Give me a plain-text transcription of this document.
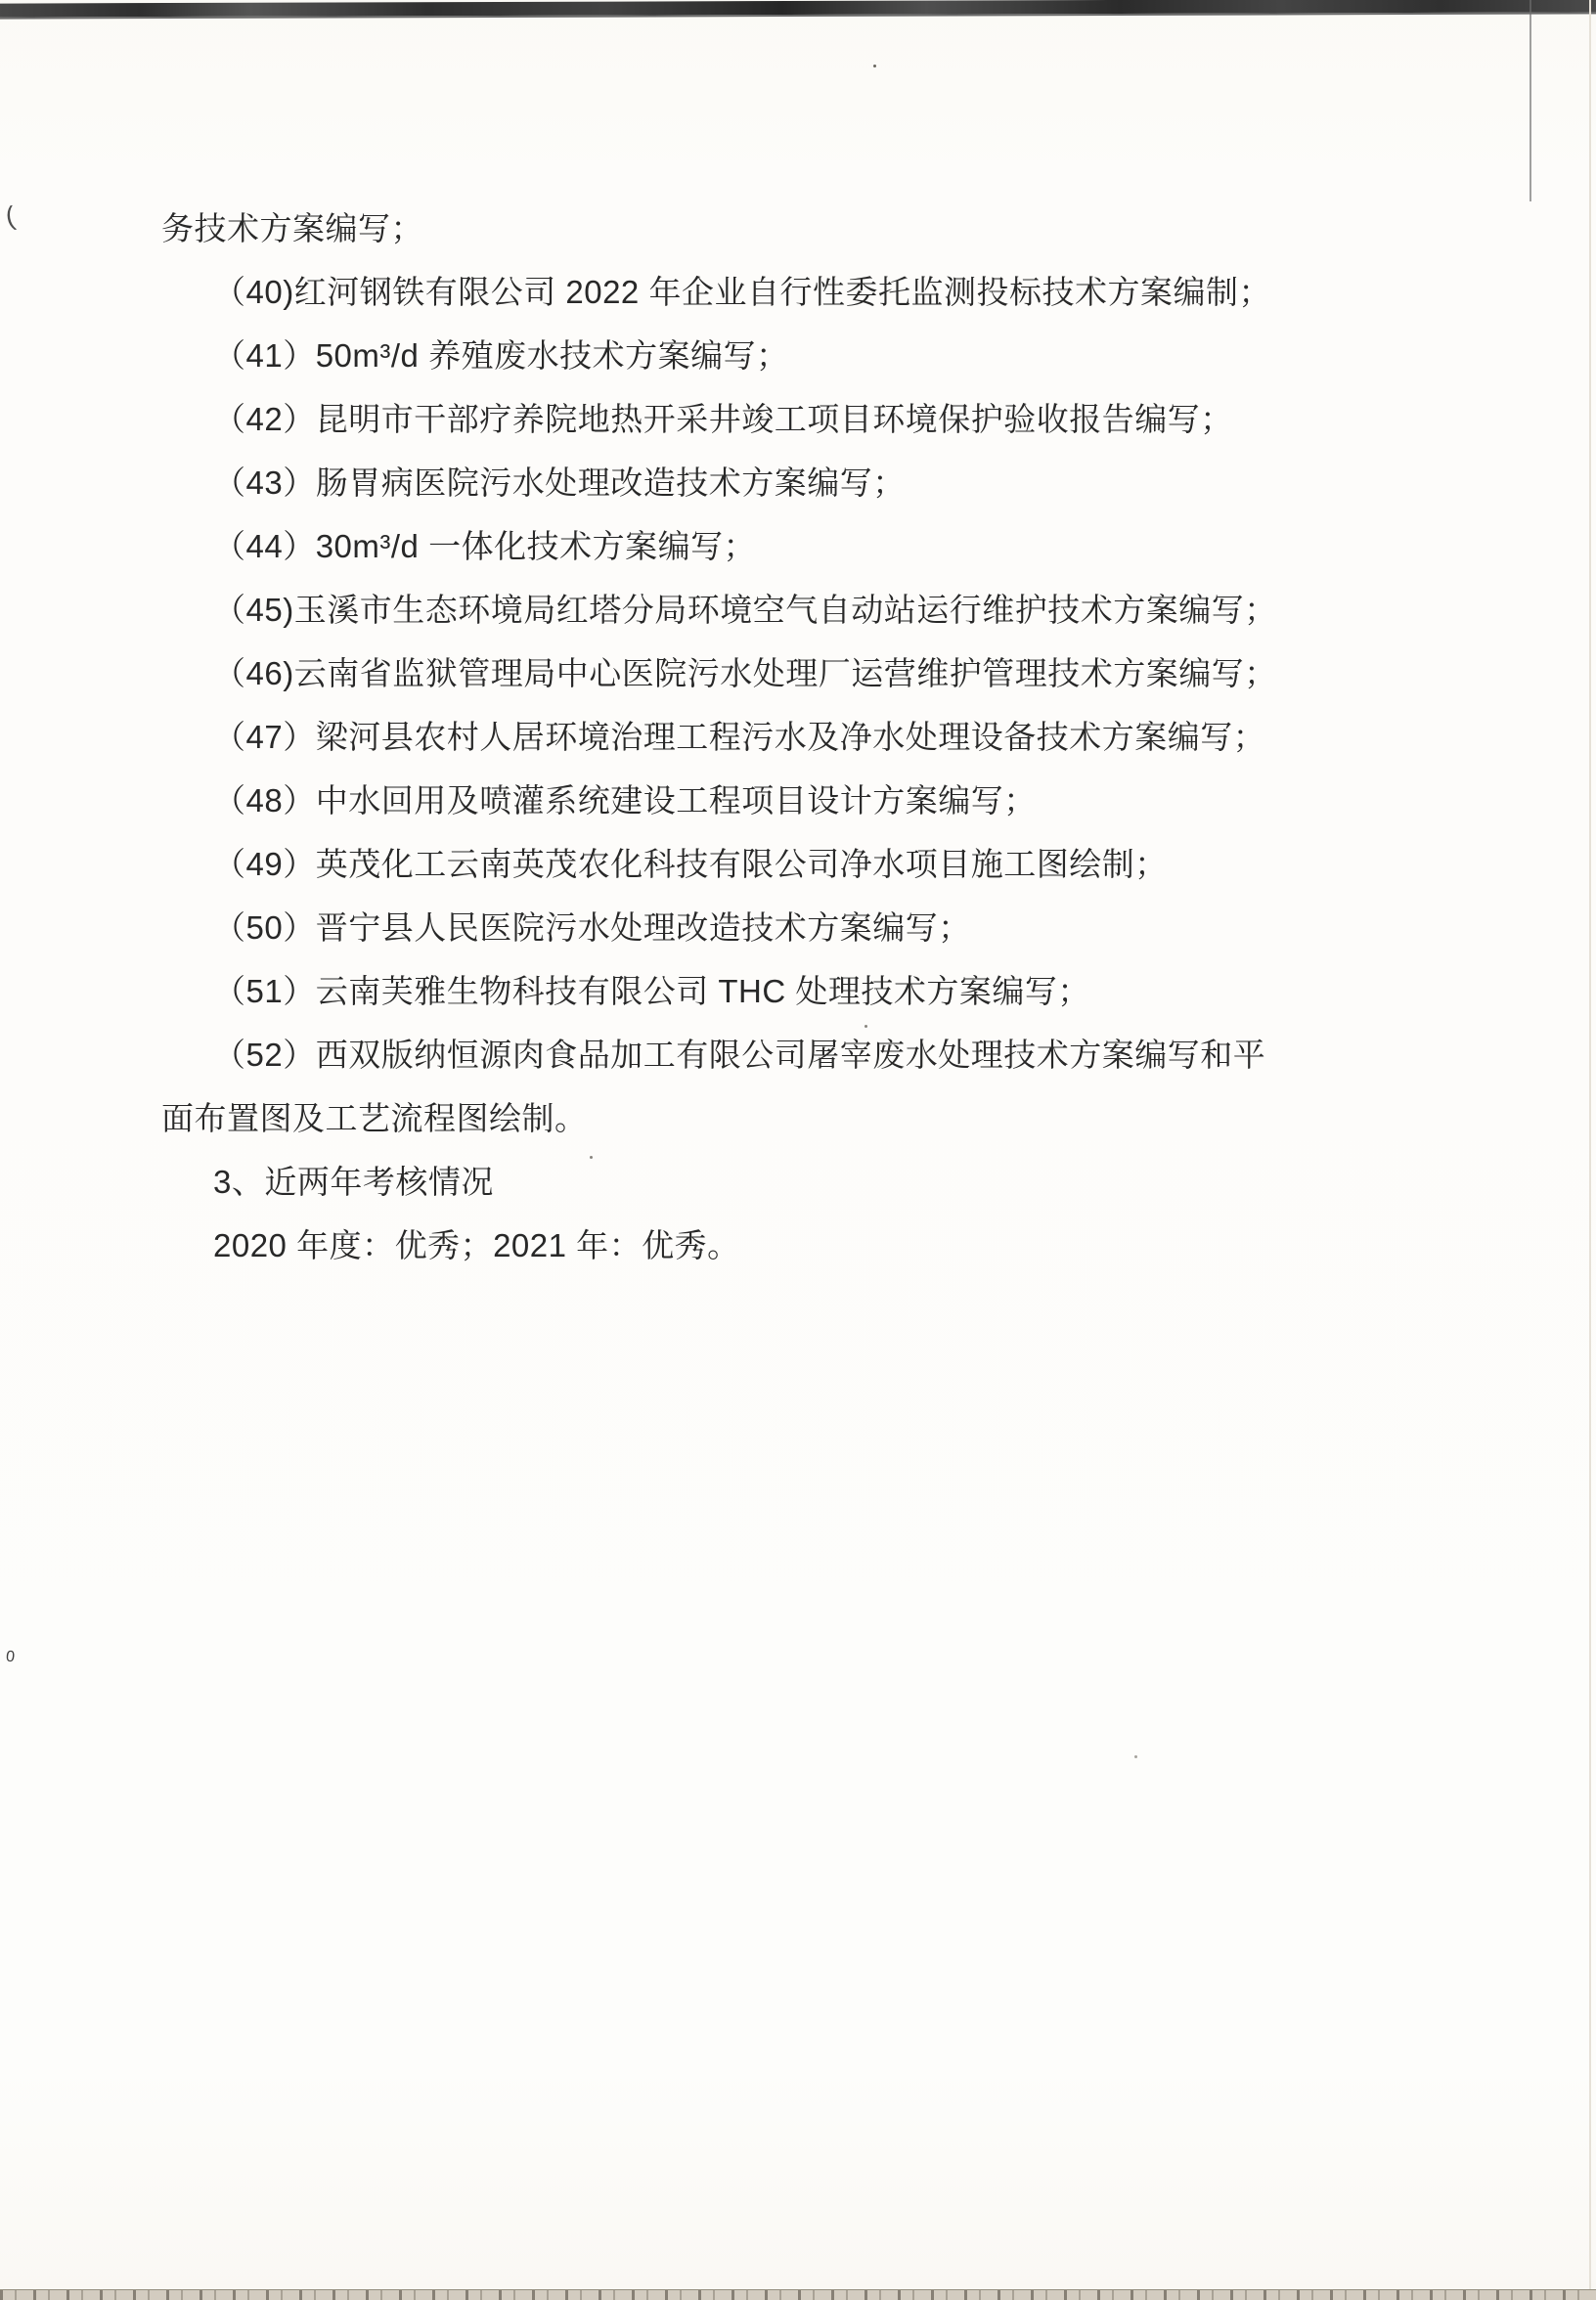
(
0
务技术方案编写；
（40)红河钢铁有限公司 2022 年企业自行性委托监测投标技术方案编制；
（41）50m³/d 养殖废水技术方案编写；
（42）昆明市干部疗养院地热开采井竣工项目环境保护验收报告编写；
（43）肠胃病医院污水处理改造技术方案编写；
（44）30m³/d 一体化技术方案编写；
（45)玉溪市生态环境局红塔分局环境空气自动站运行维护技术方案编写；
（46)云南省监狱管理局中心医院污水处理厂运营维护管理技术方案编写；
（47）梁河县农村人居环境治理工程污水及净水处理设备技术方案编写；
（48）中水回用及喷灌系统建设工程项目设计方案编写；
（49）英茂化工云南英茂农化科技有限公司净水项目施工图绘制；
（50）晋宁县人民医院污水处理改造技术方案编写；
（51）云南芙雅生物科技有限公司 THC 处理技术方案编写；
（52）西双版纳恒源肉食品加工有限公司屠宰废水处理技术方案编写和平
面布置图及工艺流程图绘制。
3、近两年考核情况
2020 年度：优秀；2021 年：优秀。
